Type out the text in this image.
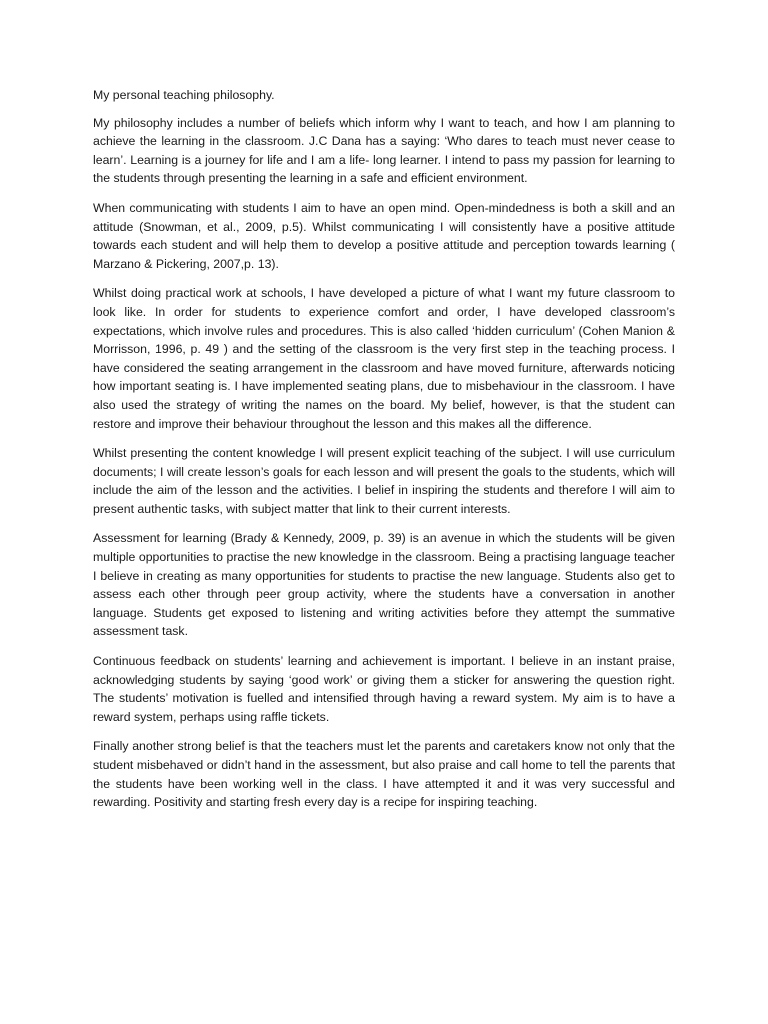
My personal teaching philosophy.

My philosophy includes a number of beliefs which inform why I want to teach, and how I am planning to achieve the learning in the classroom. J.C Dana has a saying: ‘Who dares to teach must never cease to learn’. Learning is a journey for life and I am a life- long learner. I intend to pass my passion for learning to the students through presenting the learning in a safe and efficient environment.

When communicating with students I aim to have an open mind. Open-mindedness is both a skill and an attitude (Snowman, et al., 2009, p.5). Whilst communicating I will consistently have a positive attitude towards each student and will help them to develop a positive attitude and perception towards learning ( Marzano & Pickering, 2007,p. 13).

Whilst doing practical work at schools, I have developed a picture of what I want my future classroom to look like. In order for students to experience comfort and order, I have developed classroom’s expectations, which involve rules and procedures. This is also called ‘hidden curriculum’ (Cohen Manion & Morrisson, 1996, p. 49 ) and the setting of the classroom is the very first step in the teaching process. I have considered the seating arrangement in the classroom and have moved furniture, afterwards noticing how important seating is. I have implemented seating plans, due to misbehaviour in the classroom. I have also used the strategy of writing the names on the board. My belief, however, is that the student can restore and improve their behaviour throughout the lesson and this makes all the difference.

Whilst presenting the content knowledge I will present explicit teaching of the subject. I will use curriculum documents; I will create lesson’s goals for each lesson and will present the goals to the students, which will include the aim of the lesson and the activities. I belief in inspiring the students and therefore I will aim to present authentic tasks, with subject matter that link to their current interests.

Assessment for learning (Brady & Kennedy, 2009, p. 39) is an avenue in which the students will be given multiple opportunities to practise the new knowledge in the classroom. Being a practising language teacher I believe in creating as many opportunities for students to practise the new language. Students also get to assess each other through peer group activity, where the students have a conversation in another language. Students get exposed to listening and writing activities before they attempt the summative assessment task.

Continuous feedback on students’ learning and achievement is important. I believe in an instant praise, acknowledging students by saying ‘good work’ or giving them a sticker for answering the question right. The students’ motivation is fuelled and intensified through having a reward system. My aim is to have a reward system, perhaps using raffle tickets.

Finally another strong belief is that the teachers must let the parents and caretakers know not only that the student misbehaved or didn’t hand in the assessment, but also praise and call home to tell the parents that the students have been working well in the class. I have attempted it and it was very successful and rewarding. Positivity and starting fresh every day is a recipe for inspiring teaching.
